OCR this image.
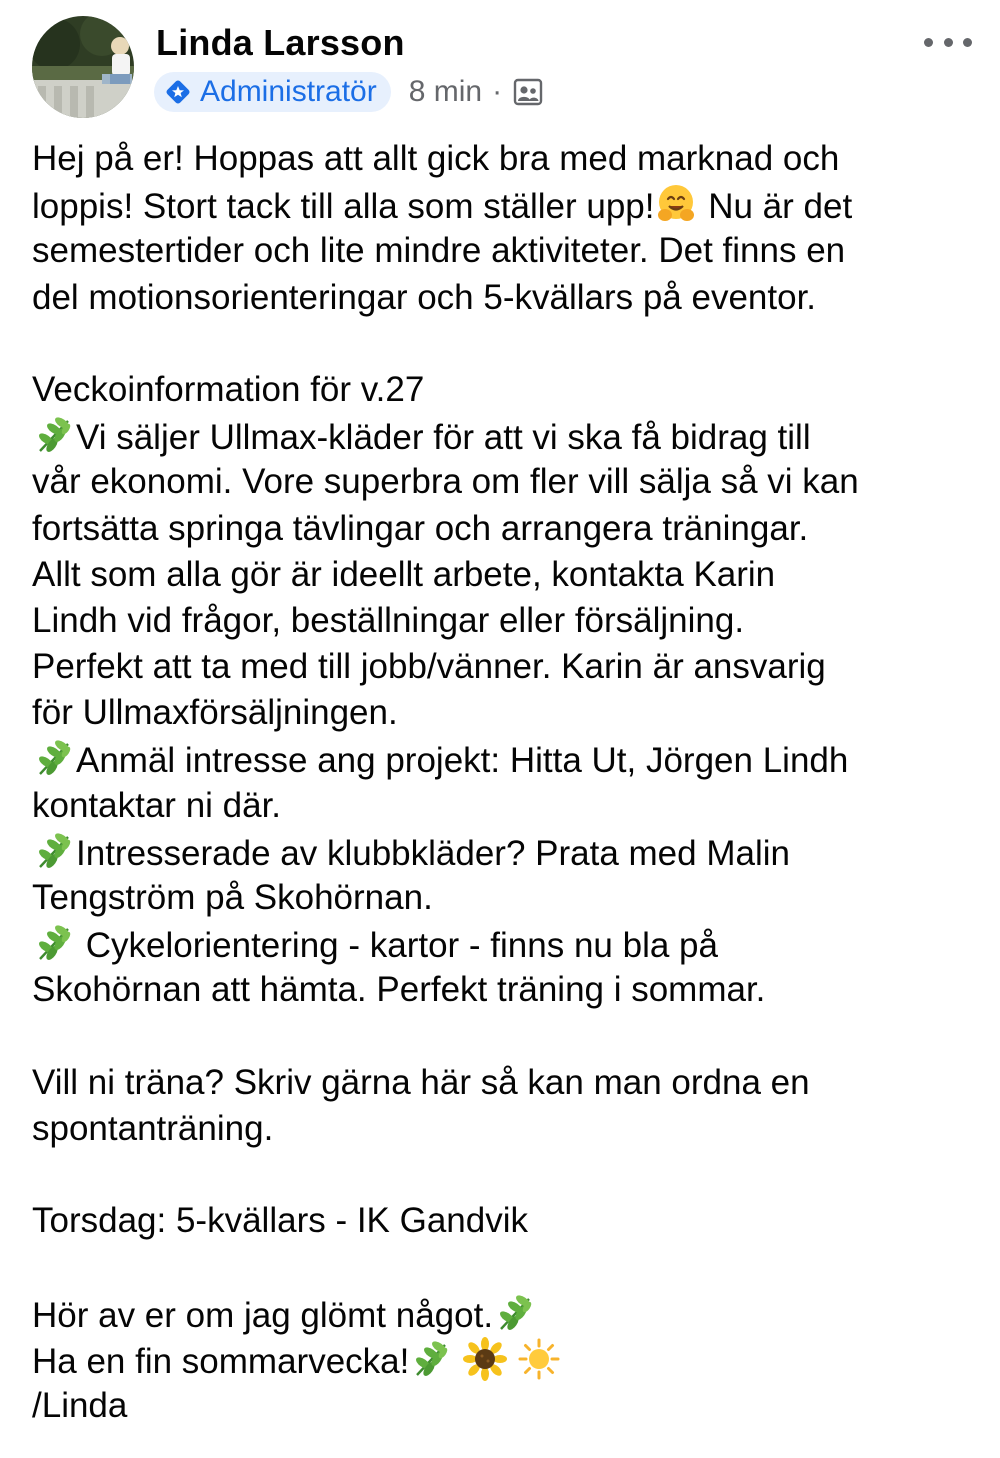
Linda Larsson
Administratör 8 min ·
Hej på er! Hoppas att allt gick bra med marknad och
loppis! Stort tack till alla som ställer upp! Nu är det
semestertider och lite mindre aktiviteter. Det finns en
del motionsorienteringar och 5-kvällars på eventor.
Veckoinformation för v.27
Vi säljer Ullmax-kläder för att vi ska få bidrag till
vår ekonomi. Vore superbra om fler vill sälja så vi kan
fortsätta springa tävlingar och arrangera träningar.
Allt som alla gör är ideellt arbete, kontakta Karin
Lindh vid frågor, beställningar eller försäljning.
Perfekt att ta med till jobb/vänner. Karin är ansvarig
för Ullmaxförsäljningen.
Anmäl intresse ang projekt: Hitta Ut, Jörgen Lindh
kontaktar ni där.
Intresserade av klubbkläder? Prata med Malin
Tengström på Skohörnan.
Cykelorientering - kartor - finns nu bla på
Skohörnan att hämta. Perfekt träning i sommar.
Vill ni träna? Skriv gärna här så kan man ordna en
spontanträning.
Torsdag: 5-kvällars - IK Gandvik
Hör av er om jag glömt något.
Ha en fin sommarvecka!

/Linda
